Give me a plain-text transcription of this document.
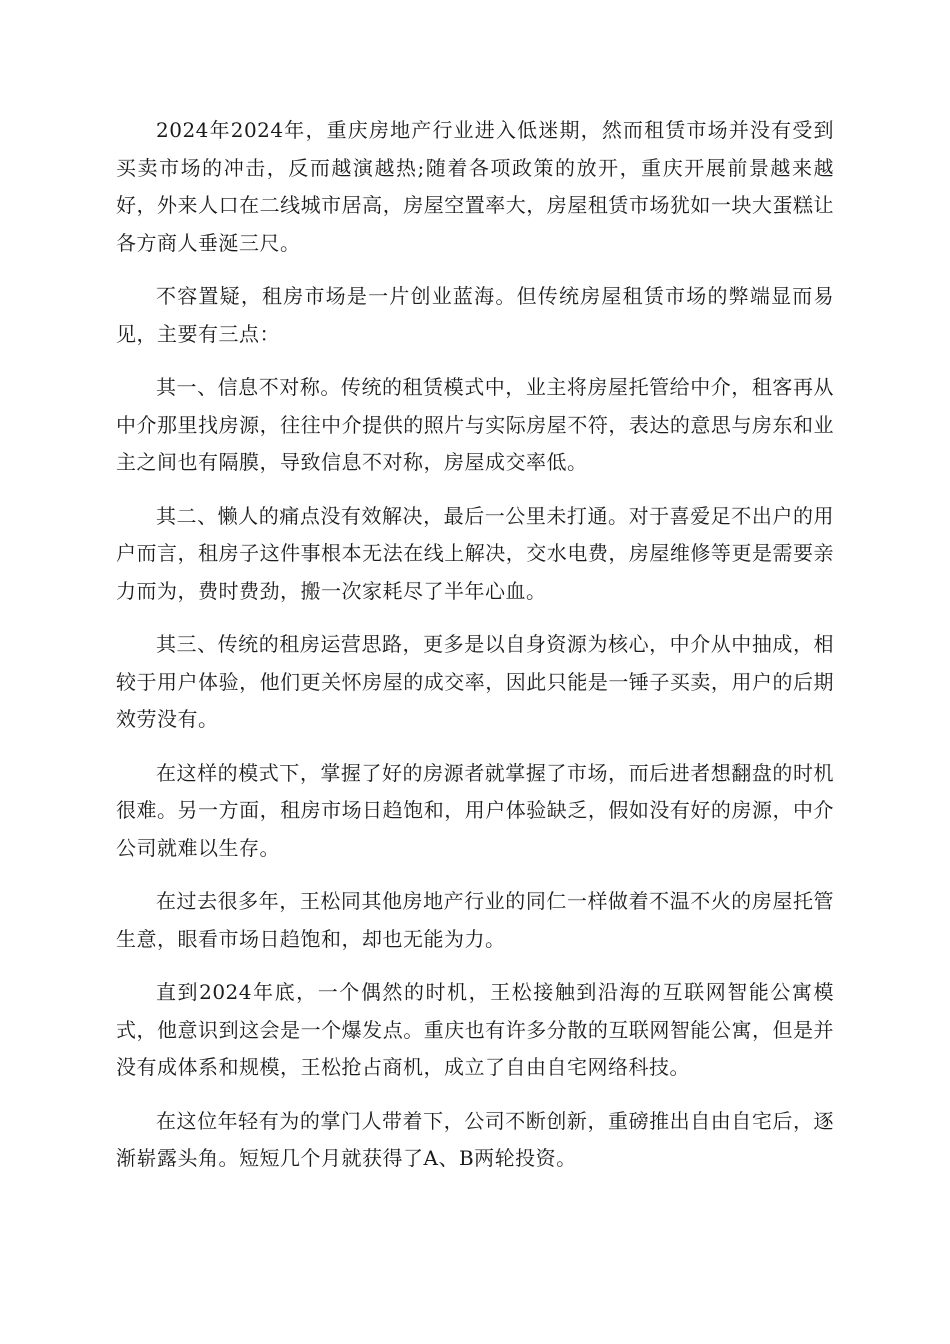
2024年2024年，重庆房地产行业进入低迷期，然而租赁市场并没有受到买卖市场的冲击，反而越演越热;随着各项政策的放开，重庆开展前景越来越好，外来人口在二线城市居高，房屋空置率大，房屋租赁市场犹如一块大蛋糕让各方商人垂涎三尺。

不容置疑，租房市场是一片创业蓝海。但传统房屋租赁市场的弊端显而易见，主要有三点：

其一、信息不对称。传统的租赁模式中，业主将房屋托管给中介，租客再从中介那里找房源，往往中介提供的照片与实际房屋不符，表达的意思与房东和业主之间也有隔膜，导致信息不对称，房屋成交率低。

其二、懒人的痛点没有效解决，最后一公里未打通。对于喜爱足不出户的用户而言，租房子这件事根本无法在线上解决，交水电费，房屋维修等更是需要亲力而为，费时费劲，搬一次家耗尽了半年心血。

其三、传统的租房运营思路，更多是以自身资源为核心，中介从中抽成，相较于用户体验，他们更关怀房屋的成交率，因此只能是一锤子买卖，用户的后期效劳没有。

在这样的模式下，掌握了好的房源者就掌握了市场，而后进者想翻盘的时机很难。另一方面，租房市场日趋饱和，用户体验缺乏，假如没有好的房源，中介公司就难以生存。

在过去很多年，王松同其他房地产行业的同仁一样做着不温不火的房屋托管生意，眼看市场日趋饱和，却也无能为力。

直到2024年底，一个偶然的时机，王松接触到沿海的互联网智能公寓模式，他意识到这会是一个爆发点。重庆也有许多分散的互联网智能公寓，但是并没有成体系和规模，王松抢占商机，成立了自由自宅网络科技。

在这位年轻有为的掌门人带着下，公司不断创新，重磅推出自由自宅后，逐渐崭露头角。短短几个月就获得了A、B两轮投资。
